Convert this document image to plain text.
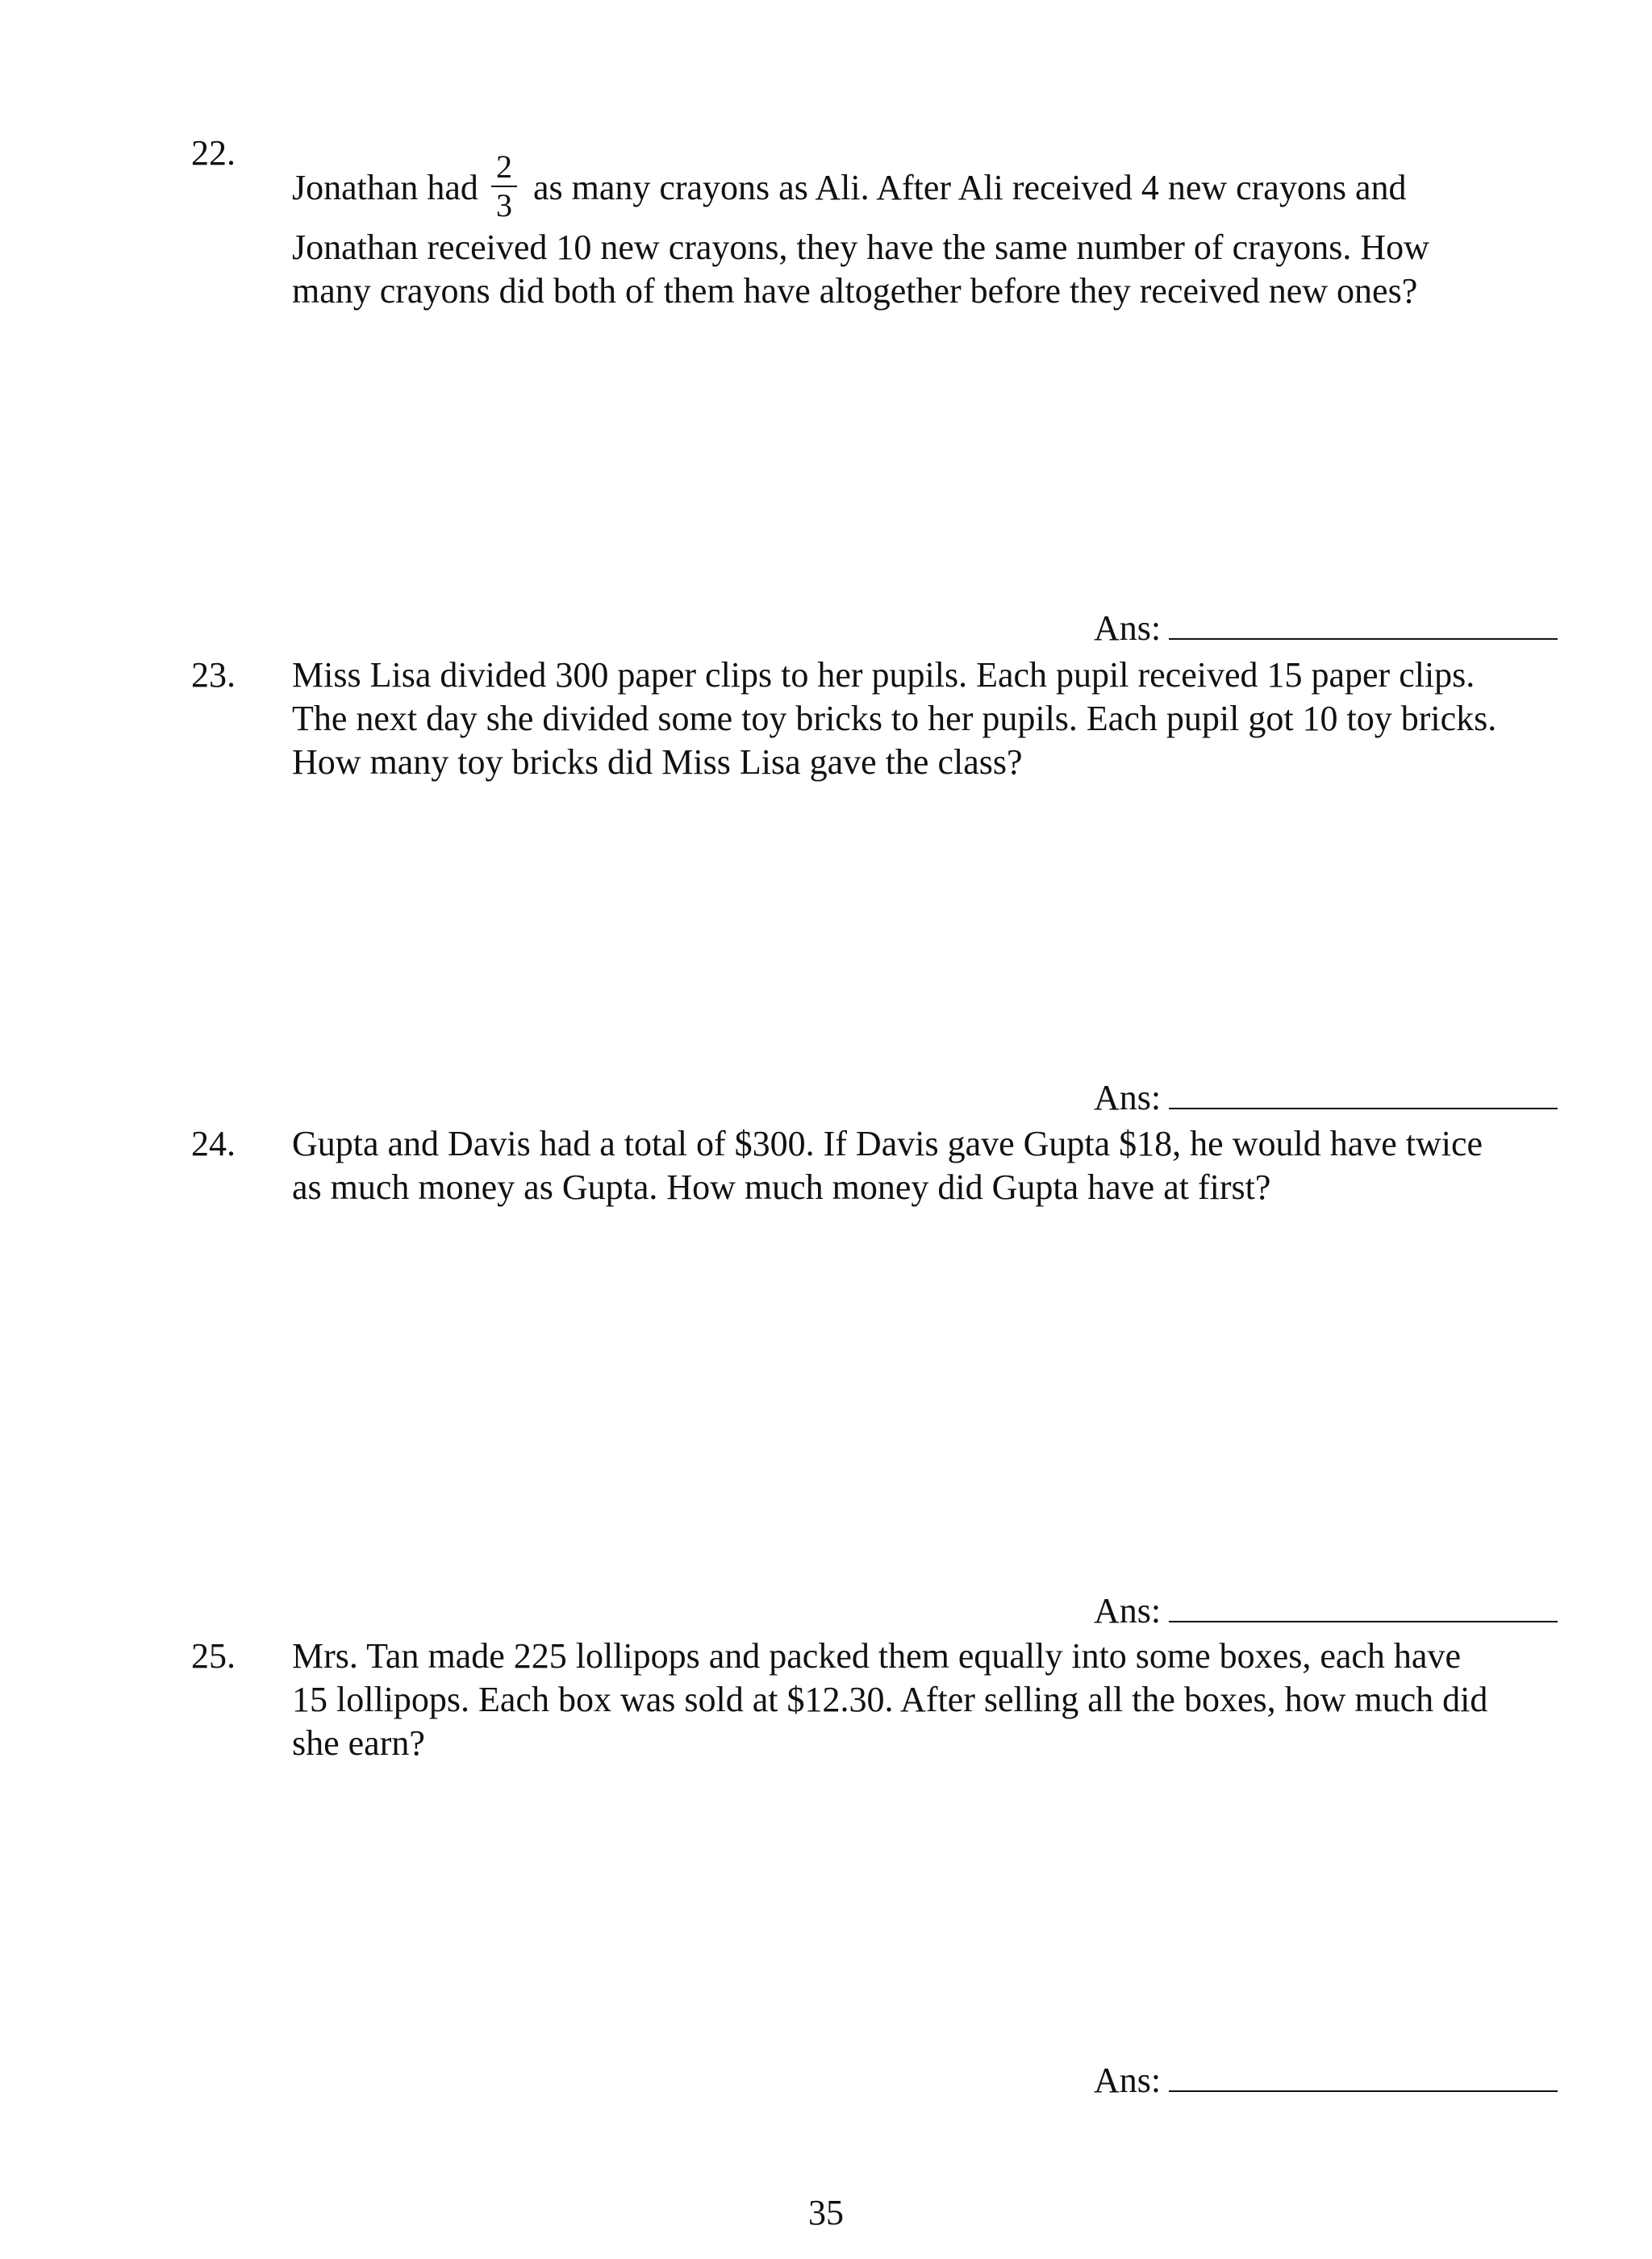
22.
Jonathan had $\frac{2}{3}$ as many crayons as Ali. After Ali received 4 new crayons and
Jonathan received 10 new crayons, they have the same number of crayons. How
many crayons did both of them have altogether before they received new ones?
Ans:
23. Miss Lisa divided 300 paper clips to her pupils. Each pupil received 15 paper clips.
The next day she divided some toy bricks to her pupils. Each pupil got 10 toy bricks.
How many toy bricks did Miss Lisa gave the class?
Ans:
24. Gupta and Davis had a total of $300. If Davis gave Gupta $18, he would have twice
as much money as Gupta. How much money did Gupta have at first?
Ans:
25. Mrs. Tan made 225 lollipops and packed them equally into some boxes, each have
15 lollipops. Each box was sold at $12.30. After selling all the boxes, how much did
she earn?
Ans:
35
